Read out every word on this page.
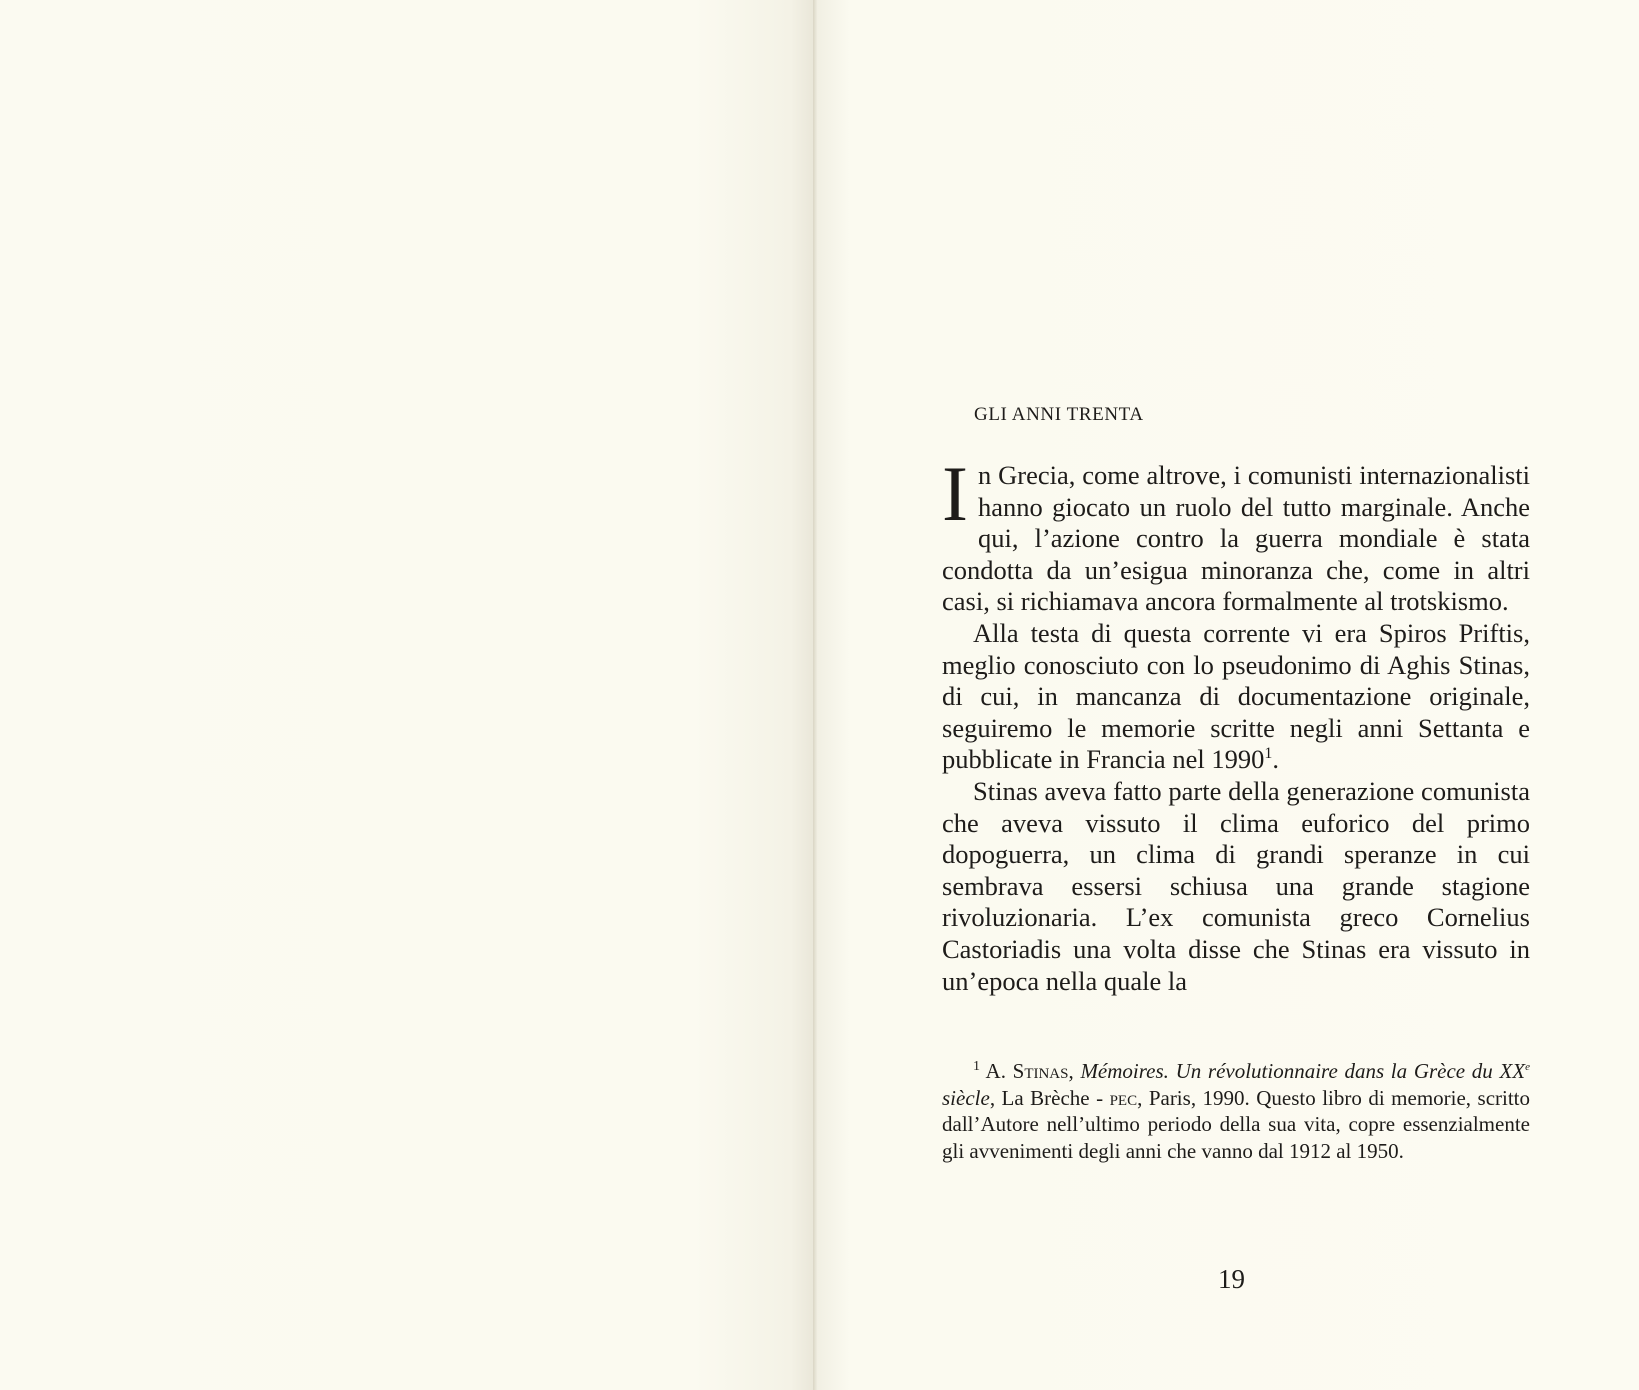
GLI ANNI TRENTA

In Grecia, come altrove, i comunisti internazionalisti hanno giocato un ruolo del tutto marginale. Anche qui, l’azione contro la guerra mondiale è stata condotta da un’esigua minoranza che, come in altri casi, si richiamava ancora formalmente al trotskismo.

Alla testa di questa corrente vi era Spiros Priftis, meglio conosciuto con lo pseudonimo di Aghis Stinas, di cui, in mancanza di documentazione originale, seguiremo le memorie scritte negli anni Settanta e pubblicate in Francia nel 1990$^1$.

Stinas aveva fatto parte della generazione comunista che aveva vissuto il clima euforico del primo dopoguerra, un clima di grandi speranze in cui sembrava essersi schiusa una grande stagione rivoluzionaria. L’ex comunista greco Cornelius Castoriadis una volta disse che Stinas era vissuto in un’epoca nella quale la

$^1$ A. Stinas, Mémoires. Un révolutionnaire dans la Grèce du XXe siècle, La Brèche - pec, Paris, 1990. Questo libro di memorie, scritto dall’Autore nell’ultimo periodo della sua vita, copre essenzialmente gli avvenimenti degli anni che vanno dal 1912 al 1950.

19
